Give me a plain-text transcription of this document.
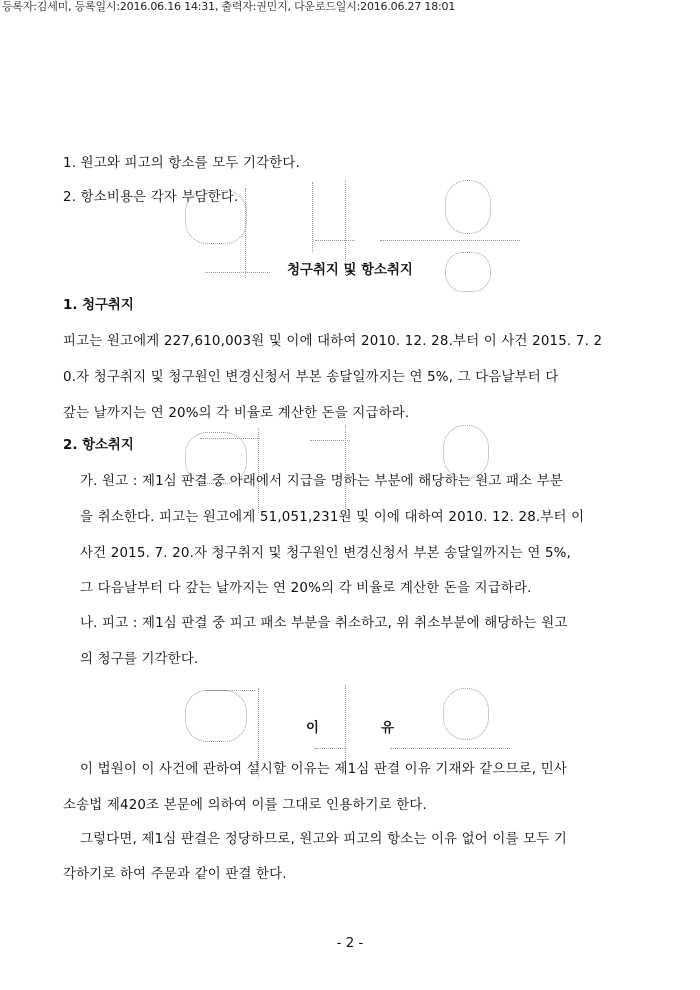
등록자:김세미, 등록일시:2016.06.16 14:31, 출력자:권민지, 다운로드일시:2016.06.27 18:01
1. 원고와 피고의 항소를 모두 기각한다.
2. 항소비용은 각자 부담한다.
청구취지 및 항소취지
1. 청구취지
피고는 원고에게 227,610,003원 및 이에 대하여 2010. 12. 28.부터 이 사건 2015. 7. 2
0.자 청구취지 및 청구원인 변경신청서 부본 송달일까지는 연 5%, 그 다음날부터 다
갚는 날까지는 연 20%의 각 비율로 계산한 돈을 지급하라.
2. 항소취지
가. 원고 : 제1심 판결 중 아래에서 지급을 명하는 부분에 해당하는 원고 패소 부분
을 취소한다. 피고는 원고에게 51,051,231원 및 이에 대하여 2010. 12. 28.부터 이
사건 2015. 7. 20.자 청구취지 및 청구원인 변경신청서 부본 송달일까지는 연 5%,
그 다음날부터 다 갚는 날까지는 연 20%의 각 비율로 계산한 돈을 지급하라.
나. 피고 : 제1심 판결 중 피고 패소 부분을 취소하고, 위 취소부분에 해당하는 원고
의 청구를 기각한다.
이	유
이 법원이 이 사건에 관하여 설시할 이유는 제1심 판결 이유 기재와 같으므로, 민사
소송법 제420조 본문에 의하여 이를 그대로 인용하기로 한다.
그렇다면, 제1심 판결은 정당하므로, 원고와 피고의 항소는 이유 없어 이를 모두 기
각하기로 하여 주문과 같이 판결 한다.
- 2 -
